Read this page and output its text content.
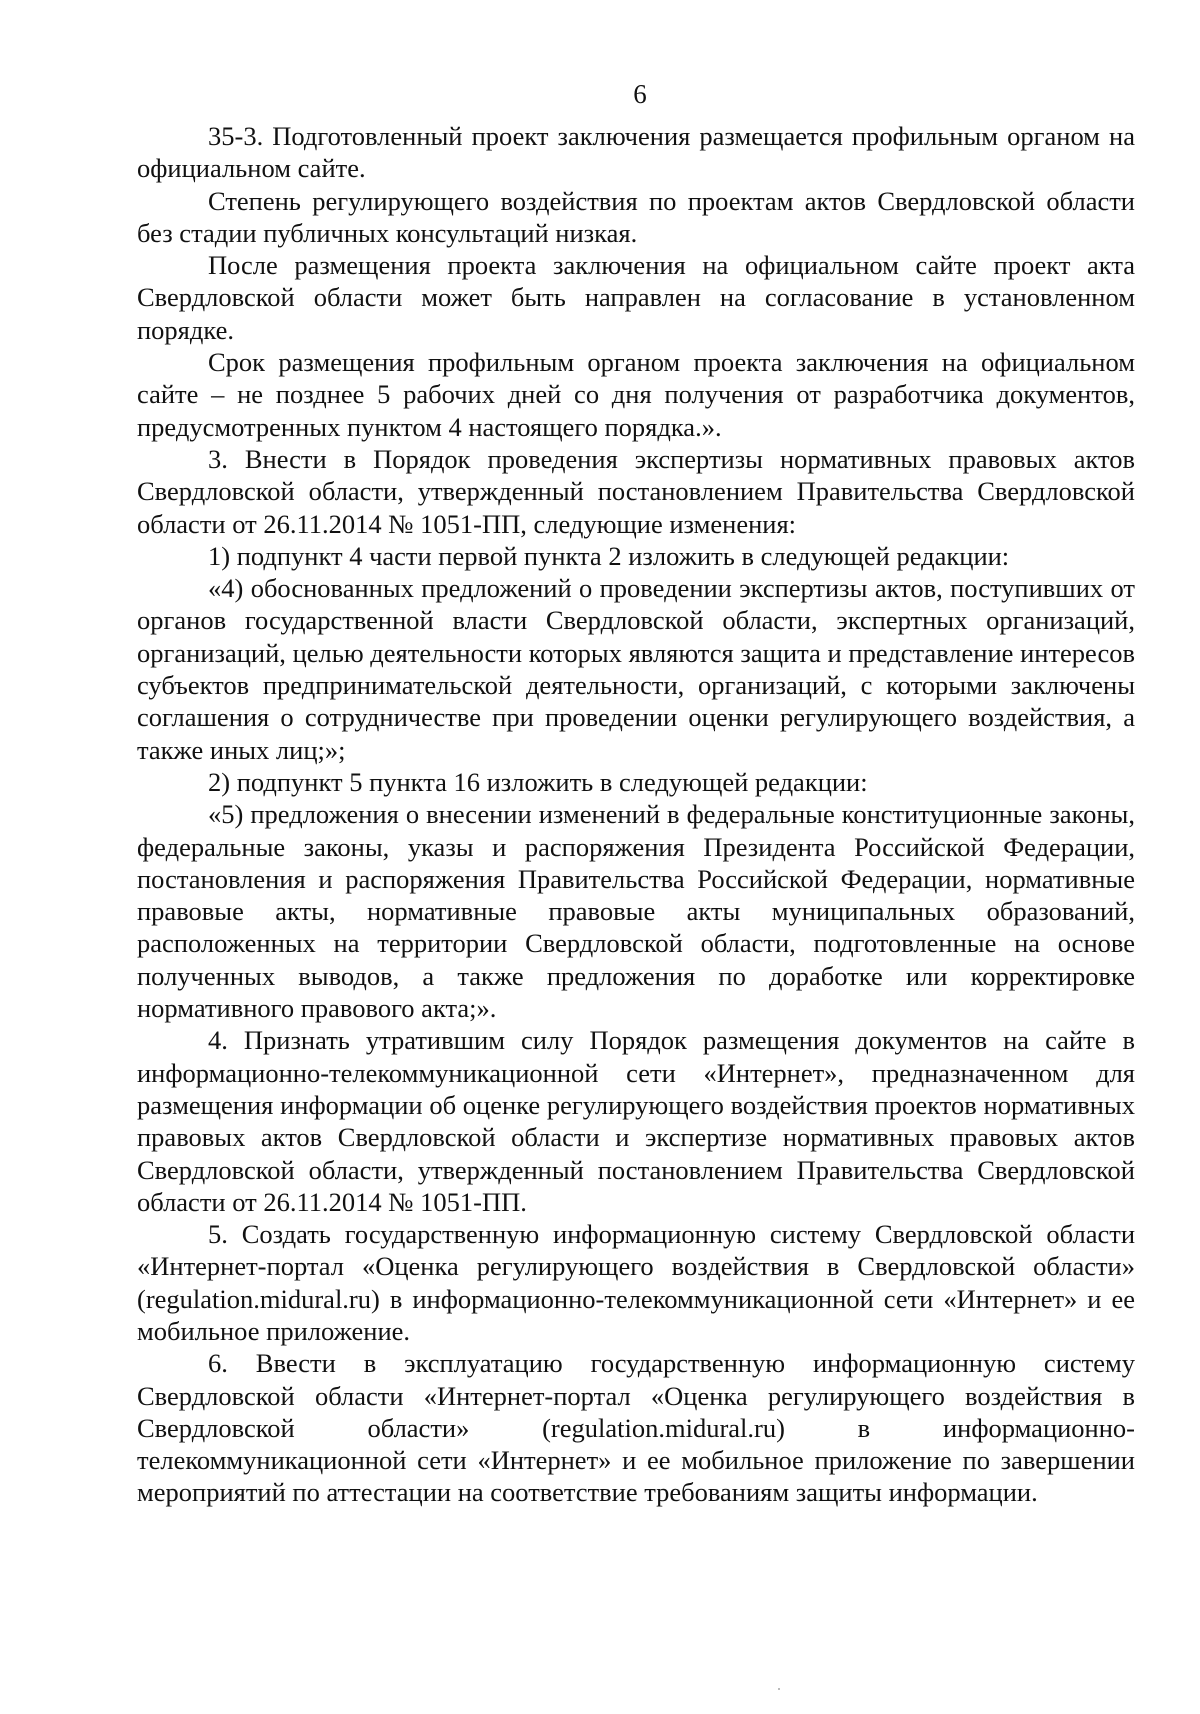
6

35-3. Подготовленный проект заключения размещается профильным органом на официальном сайте.

Степень регулирующего воздействия по проектам актов Свердловской области без стадии публичных консультаций низкая.

После размещения проекта заключения на официальном сайте проект акта Свердловской области может быть направлен на согласование в установленном порядке.

Срок размещения профильным органом проекта заключения на официальном сайте – не позднее 5 рабочих дней со дня получения от разработчика документов, предусмотренных пунктом 4 настоящего порядка.».

3. Внести в Порядок проведения экспертизы нормативных правовых актов Свердловской области, утвержденный постановлением Правительства Свердловской области от 26.11.2014 № 1051-ПП, следующие изменения:

1) подпункт 4 части первой пункта 2 изложить в следующей редакции:

«4) обоснованных предложений о проведении экспертизы актов, поступивших от органов государственной власти Свердловской области, экспертных организаций, организаций, целью деятельности которых являются защита и представление интересов субъектов предпринимательской деятельности, организаций, с которыми заключены соглашения о сотрудничестве при проведении оценки регулирующего воздействия, а также иных лиц;»;

2) подпункт 5 пункта 16 изложить в следующей редакции:

«5) предложения о внесении изменений в федеральные конституционные законы, федеральные законы, указы и распоряжения Президента Российской Федерации, постановления и распоряжения Правительства Российской Федерации, нормативные правовые акты, нормативные правовые акты муниципальных образований, расположенных на территории Свердловской области, подготовленные на основе полученных выводов, а также предложения по доработке или корректировке нормативного правового акта;».

4. Признать утратившим силу Порядок размещения документов на сайте в информационно-телекоммуникационной сети «Интернет», предназначенном для размещения информации об оценке регулирующего воздействия проектов нормативных правовых актов Свердловской области и экспертизе нормативных правовых актов Свердловской области, утвержденный постановлением Правительства Свердловской области от 26.11.2014 № 1051-ПП.

5. Создать государственную информационную систему Свердловской области «Интернет-портал «Оценка регулирующего воздействия в Свердловской области» (regulation.midural.ru) в информационно-телекоммуникационной сети «Интернет» и ее мобильное приложение.

6. Ввести в эксплуатацию государственную информационную систему Свердловской области «Интернет-портал «Оценка регулирующего воздействия в Свердловской области» (regulation.midural.ru) в информационно-телекоммуникационной сети «Интернет» и ее мобильное приложение по завершении мероприятий по аттестации на соответствие требованиям защиты информации.
